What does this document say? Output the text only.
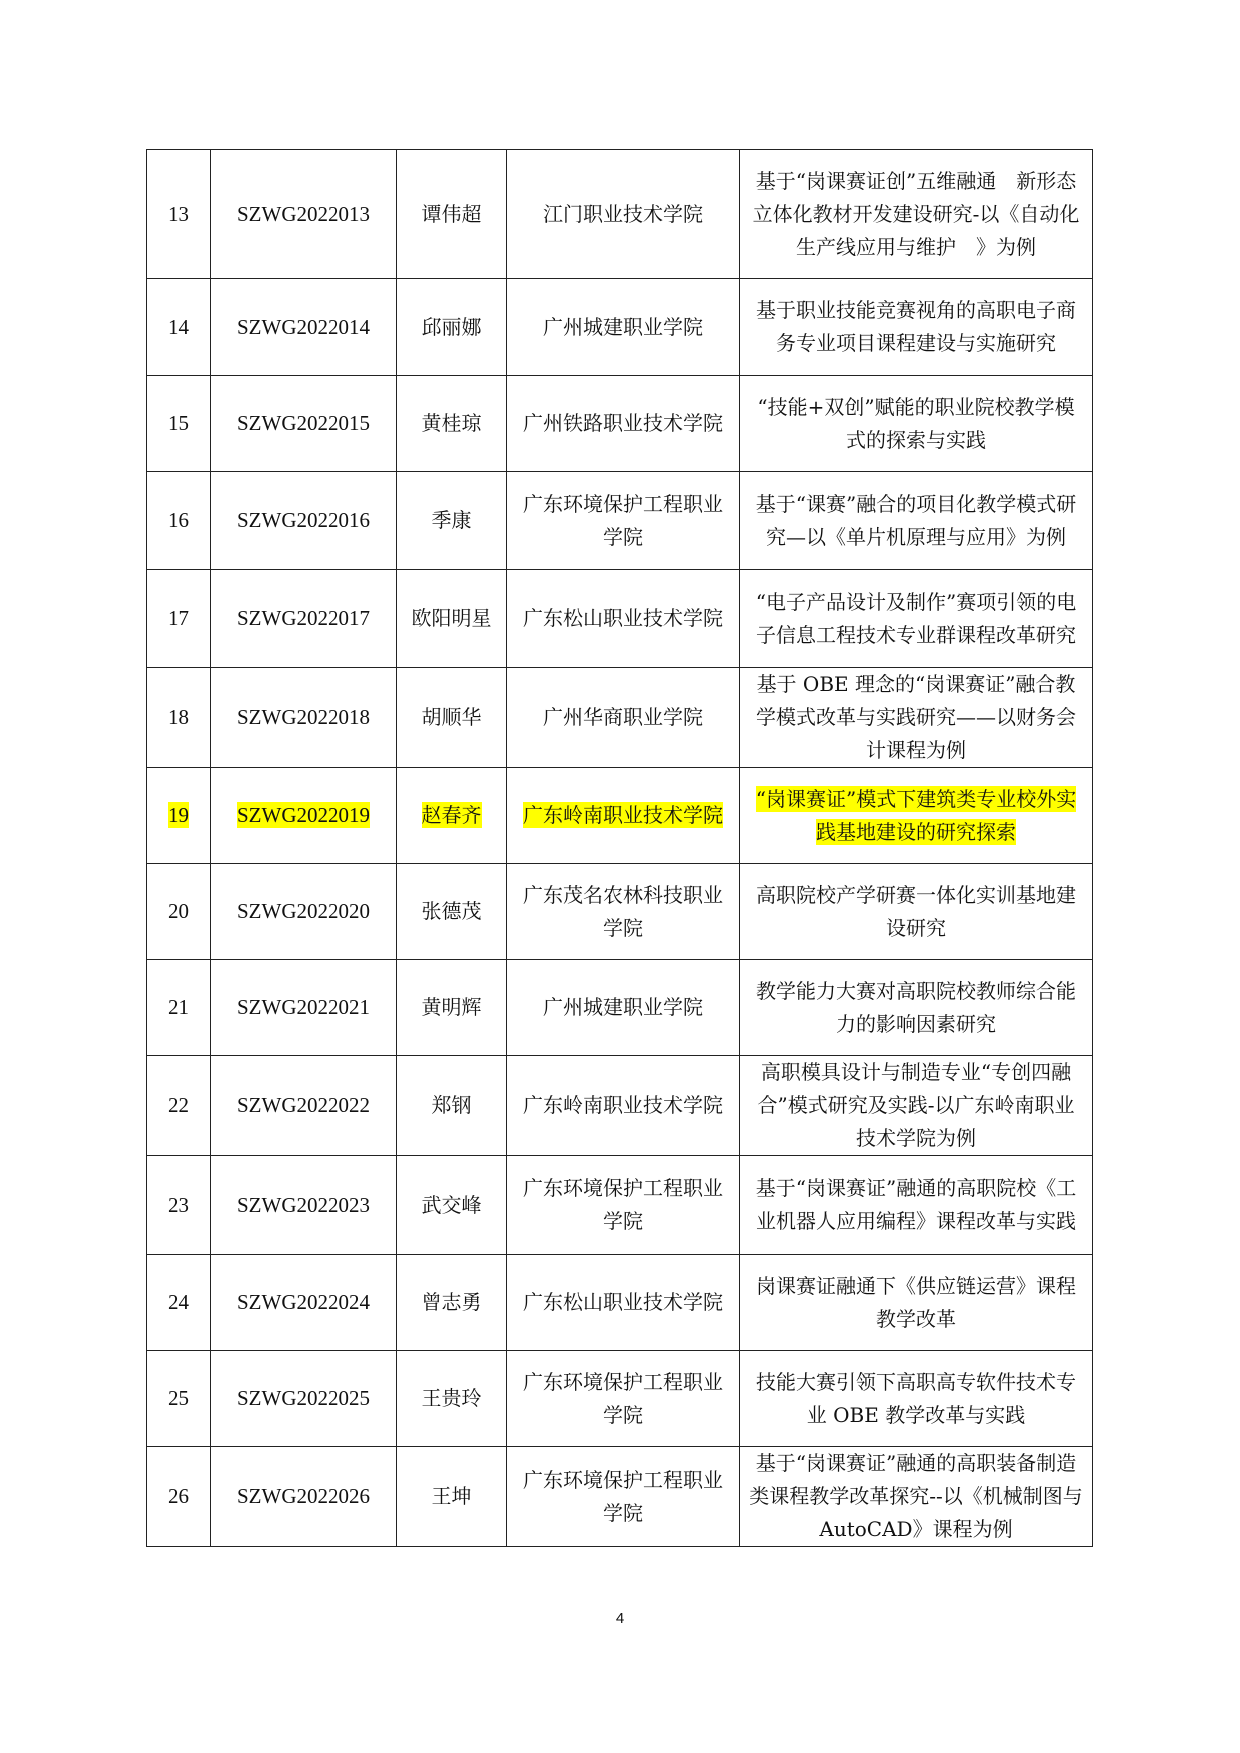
13	SZWG2022013	谭伟超	江门职业技术学院	基于“岗课赛证创”五维融通　新形态立体化教材开发建设研究-以《自动化生产线应用与维护　》为例
14	SZWG2022014	邱丽娜	广州城建职业学院	基于职业技能竞赛视角的高职电子商务专业项目课程建设与实施研究
15	SZWG2022015	黄桂琼	广州铁路职业技术学院	“技能+双创”赋能的职业院校教学模式的探索与实践
16	SZWG2022016	季康	广东环境保护工程职业学院	基于“课赛”融合的项目化教学模式研究—以《单片机原理与应用》为例
17	SZWG2022017	欧阳明星	广东松山职业技术学院	“电子产品设计及制作”赛项引领的电子信息工程技术专业群课程改革研究
18	SZWG2022018	胡顺华	广州华商职业学院	基于 OBE 理念的“岗课赛证”融合教学模式改革与实践研究——以财务会计课程为例
19	SZWG2022019	赵春齐	广东岭南职业技术学院	“岗课赛证”模式下建筑类专业校外实践基地建设的研究探索
20	SZWG2022020	张德茂	广东茂名农林科技职业学院	高职院校产学研赛一体化实训基地建设研究
21	SZWG2022021	黄明辉	广州城建职业学院	教学能力大赛对高职院校教师综合能力的影响因素研究
22	SZWG2022022	郑钢	广东岭南职业技术学院	高职模具设计与制造专业“专创四融合”模式研究及实践-以广东岭南职业技术学院为例
23	SZWG2022023	武交峰	广东环境保护工程职业学院	基于“岗课赛证”融通的高职院校《工业机器人应用编程》课程改革与实践
24	SZWG2022024	曾志勇	广东松山职业技术学院	岗课赛证融通下《供应链运营》课程教学改革
25	SZWG2022025	王贵玲	广东环境保护工程职业学院	技能大赛引领下高职高专软件技术专业 OBE 教学改革与实践
26	SZWG2022026	王坤	广东环境保护工程职业学院	基于“岗课赛证”融通的高职装备制造类课程教学改革探究--以《机械制图与 AutoCAD》课程为例
4
